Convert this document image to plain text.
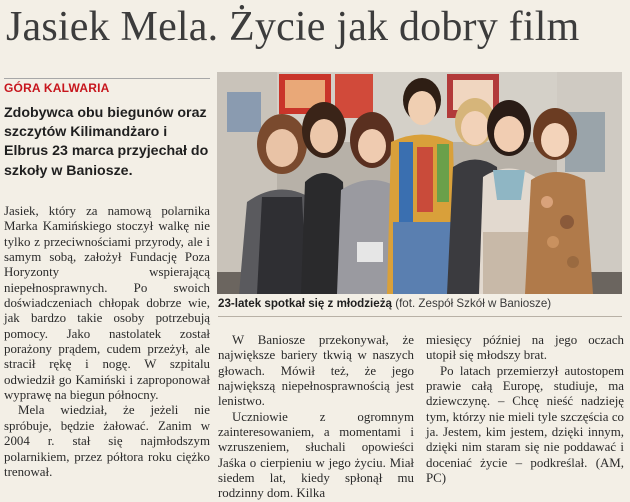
Jasiek Mela. Życie jak dobry film
GÓRA KALWARIA
Zdobywca obu biegunów oraz szczytów Kilimandżaro i Elbrus 23 marca przyjechał do szkoły w Baniosze.

Jasiek, który za namową polarnika Marka Kamińskiego stoczył walkę nie tylko z przeciwnościami przyrody, ale i samym sobą, założył Fundację Poza Horyzonty wspierającą niepełnosprawnych. Po swoich doświadczeniach chłopak dobrze wie, jak bardzo takie osoby potrzebują pomocy. Jako nastolatek został porażony prądem, cudem przeżył, ale stracił rękę i nogę. W szpitalu odwiedził go Kamiński i zaproponował wyprawę na biegun północny.

Mela wiedział, że jeżeli nie spróbuje, będzie żałować. Zanim w 2004 r. stał się najmłodszym polarnikiem, przez półtora roku ciężko trenował.

23-latek spotkał się z młodzieżą (fot. Zespół Szkół w Baniosze)

W Baniosze przekonywał, że największe bariery tkwią w naszych głowach. Mówił też, że jego największą niepełnosprawnością jest lenistwo.

Uczniowie z ogromnym zainteresowaniem, a momentami i wzruszeniem, słuchali opowieści Jaśka o cierpieniu w jego życiu. Miał siedem lat, kiedy spłonął mu rodzinny dom. Kilka

miesięcy później na jego oczach utopił się młodszy brat.

Po latach przemierzył autostopem prawie całą Europę, studiuje, ma dziewczynę. – Chcę nieść nadzieję tym, którzy nie mieli tyle szczęścia co ja. Jestem, kim jestem, dzięki innym, dzięki nim staram się nie poddawać i doceniać życie – podkreślał. (AM, PC)
